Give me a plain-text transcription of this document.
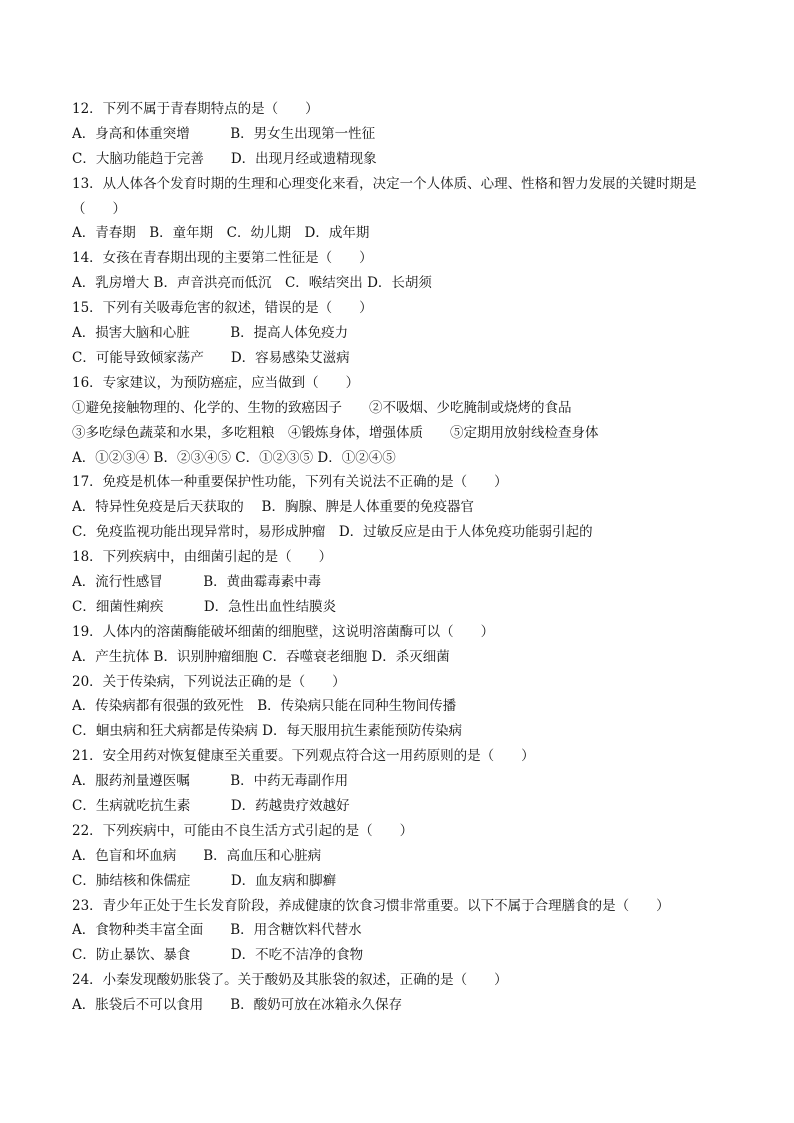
12．下列不属于青春期特点的是（　　）
A．身高和体重突增　　　B．男女生出现第一性征
C．大脑功能趋于完善　　D．出现月经或遗精现象
13．从人体各个发育时期的生理和心理变化来看，决定一个人体质、心理、性格和智力发展的关键时期是（　　）
A．青春期　B．童年期　C．幼儿期　D．成年期
14．女孩在青春期出现的主要第二性征是（　　）
A．乳房增大 B．声音洪亮而低沉　C．喉结突出 D．长胡须
15．下列有关吸毒危害的叙述，错误的是（　　）
A．损害大脑和心脏　　　B．提高人体免疫力
C．可能导致倾家荡产　　D．容易感染艾滋病
16．专家建议，为预防癌症，应当做到（　　）
①避免接触物理的、化学的、生物的致癌因子　　②不吸烟、少吃腌制或烧烤的食品
③多吃绿色蔬菜和水果，多吃粗粮　④锻炼身体，增强体质　　⑤定期用放射线检查身体
A．①②③④ B．②③④⑤ C．①②③⑤ D．①②④⑤
17．免疫是机体一种重要保护性功能，下列有关说法不正确的是（　　）
A．特异性免疫是后天获取的　 B．胸腺、脾是人体重要的免疫器官
C．免疫监视功能出现异常时，易形成肿瘤　D．过敏反应是由于人体免疫功能弱引起的
18．下列疾病中，由细菌引起的是（　　）
A．流行性感冒　　　B．黄曲霉毒素中毒
C．细菌性痢疾　　　D．急性出血性结膜炎
19．人体内的溶菌酶能破坏细菌的细胞壁，这说明溶菌酶可以（　　）
A．产生抗体 B．识别肿瘤细胞 C．吞噬衰老细胞 D．杀灭细菌
20．关于传染病，下列说法正确的是（　　）
A．传染病都有很强的致死性　B．传染病只能在同种生物间传播
C．蛔虫病和狂犬病都是传染病 D．每天服用抗生素能预防传染病
21．安全用药对恢复健康至关重要。下列观点符合这一用药原则的是（　　）
A．服药剂量遵医嘱　　　B．中药无毒副作用
C．生病就吃抗生素　　　D．药越贵疗效越好
22．下列疾病中，可能由不良生活方式引起的是（　　）
A．色盲和坏血病　　B．高血压和心脏病
C．肺结核和侏儒症　　　D．血友病和脚癣
23．青少年正处于生长发育阶段，养成健康的饮食习惯非常重要。以下不属于合理膳食的是（　　）
A．食物种类丰富全面　　B．用含糖饮料代替水
C．防止暴饮、暴食　　　D．不吃不洁净的食物
24．小秦发现酸奶胀袋了。关于酸奶及其胀袋的叙述，正确的是（　　）
A．胀袋后不可以食用　　B．酸奶可放在冰箱永久保存
